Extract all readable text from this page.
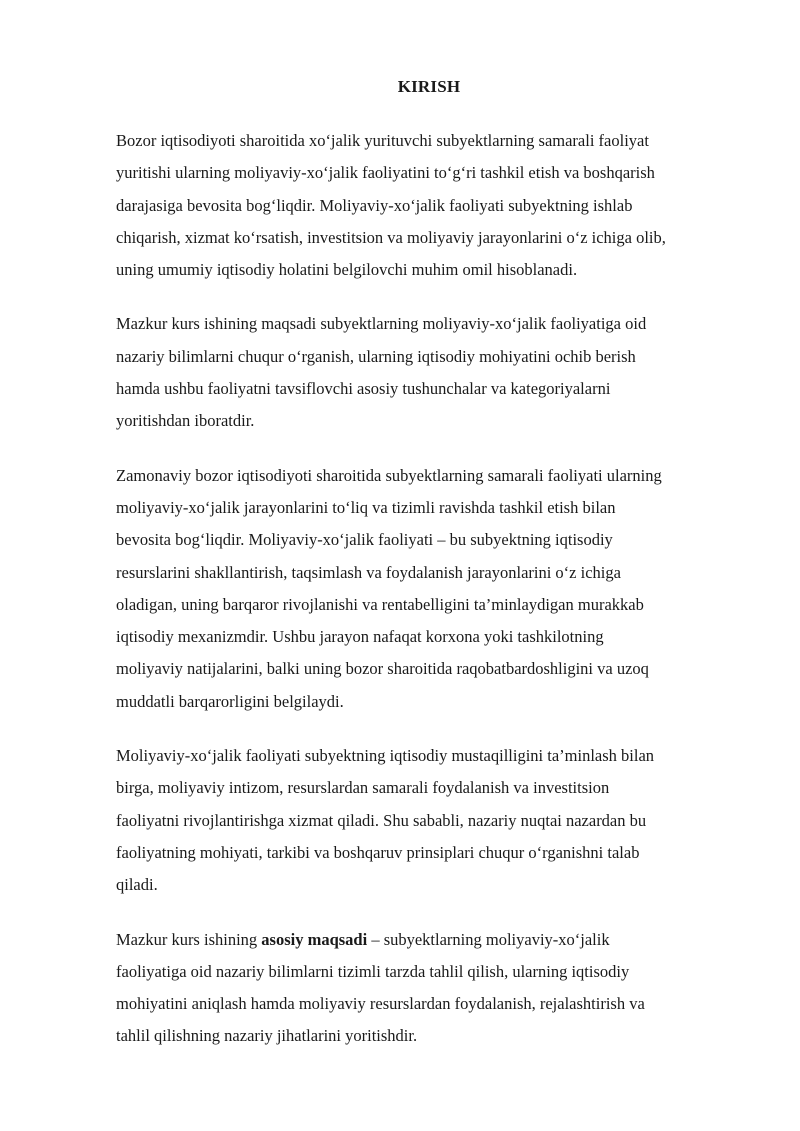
KIRISH

Bozor iqtisodiyoti sharoitida xo‘jalik yurituvchi subyektlarning samarali faoliyat
yuritishi ularning moliyaviy-xo‘jalik faoliyatini to‘g‘ri tashkil etish va boshqarish
darajasiga bevosita bog‘liqdir. Moliyaviy-xo‘jalik faoliyati subyektning ishlab
chiqarish, xizmat ko‘rsatish, investitsion va moliyaviy jarayonlarini o‘z ichiga olib,
uning umumiy iqtisodiy holatini belgilovchi muhim omil hisoblanadi.

Mazkur kurs ishining maqsadi subyektlarning moliyaviy-xo‘jalik faoliyatiga oid
nazariy bilimlarni chuqur o‘rganish, ularning iqtisodiy mohiyatini ochib berish
hamda ushbu faoliyatni tavsiflovchi asosiy tushunchalar va kategoriyalarni
yoritishdan iboratdir.

Zamonaviy bozor iqtisodiyoti sharoitida subyektlarning samarali faoliyati ularning
moliyaviy-xo‘jalik jarayonlarini to‘liq va tizimli ravishda tashkil etish bilan
bevosita bog‘liqdir. Moliyaviy-xo‘jalik faoliyati – bu subyektning iqtisodiy
resurslarini shakllantirish, taqsimlash va foydalanish jarayonlarini o‘z ichiga
oladigan, uning barqaror rivojlanishi va rentabelligini ta’minlaydigan murakkab
iqtisodiy mexanizmdir. Ushbu jarayon nafaqat korxona yoki tashkilotning
moliyaviy natijalarini, balki uning bozor sharoitida raqobatbardoshligini va uzoq
muddatli barqarorligini belgilaydi.

Moliyaviy-xo‘jalik faoliyati subyektning iqtisodiy mustaqilligini ta’minlash bilan
birga, moliyaviy intizom, resurslardan samarali foydalanish va investitsion
faoliyatni rivojlantirishga xizmat qiladi. Shu sababli, nazariy nuqtai nazardan bu
faoliyatning mohiyati, tarkibi va boshqaruv prinsiplari chuqur o‘rganishni talab
qiladi.

Mazkur kurs ishining asosiy maqsadi – subyektlarning moliyaviy-xo‘jalik
faoliyatiga oid nazariy bilimlarni tizimli tarzda tahlil qilish, ularning iqtisodiy
mohiyatini aniqlash hamda moliyaviy resurslardan foydalanish, rejalashtirish va
tahlil qilishning nazariy jihatlarini yoritishdir.
